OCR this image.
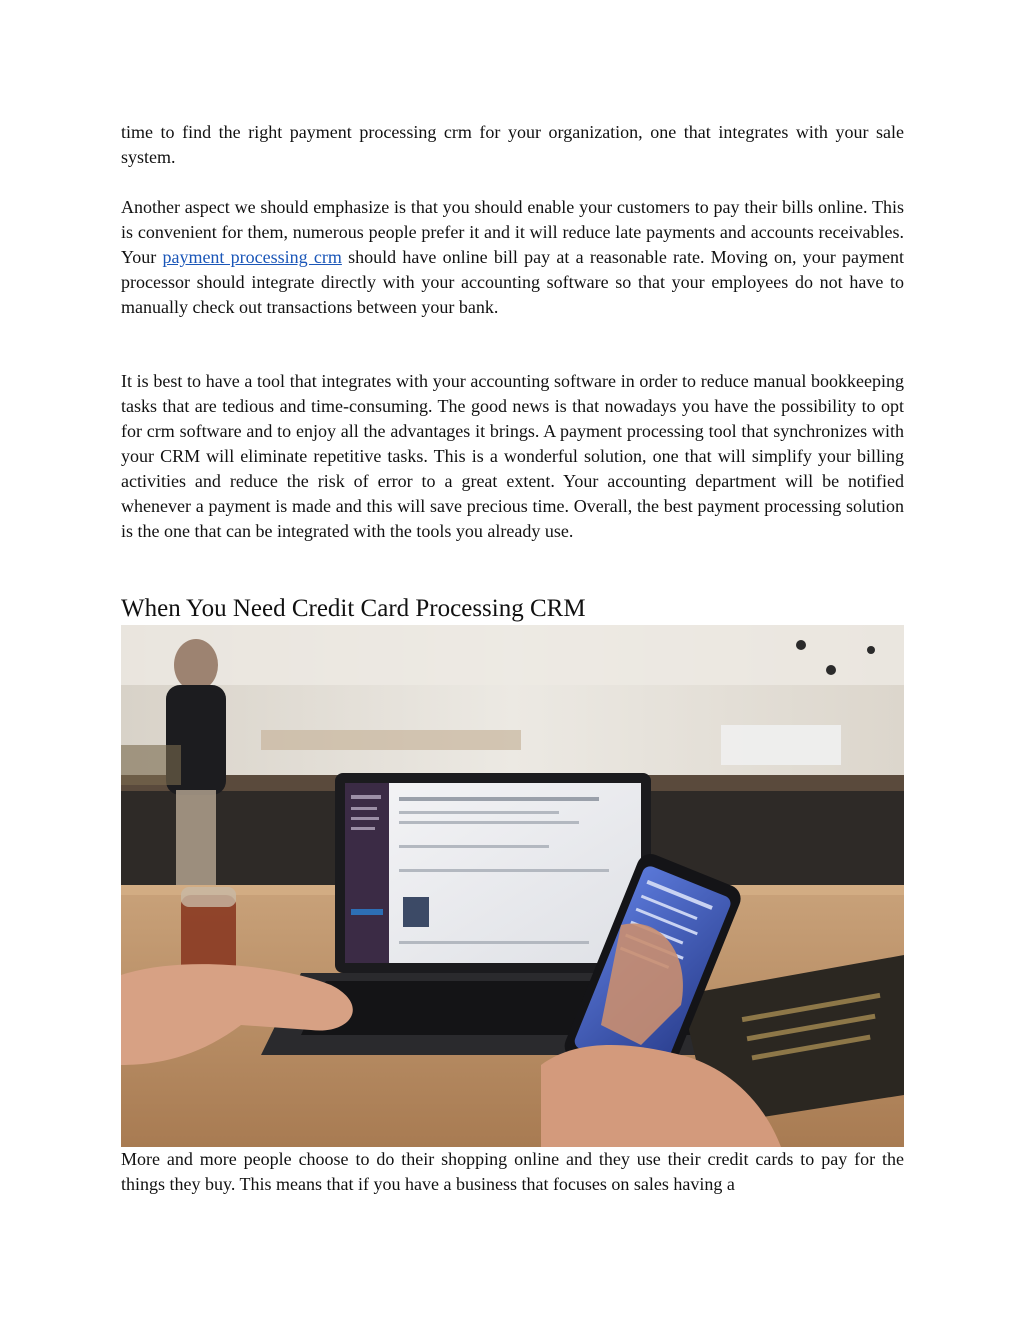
time to find the right payment processing crm for your organization, one that integrates with your sale system.

Another aspect we should emphasize is that you should enable your customers to pay their bills online. This is convenient for them, numerous people prefer it and it will reduce late payments and accounts receivables. Your payment processing crm should have online bill pay at a reasonable rate. Moving on, your payment processor should integrate directly with your accounting software so that your employees do not have to manually check out transactions between your bank.

It is best to have a tool that integrates with your accounting software in order to reduce manual bookkeeping tasks that are tedious and time-consuming. The good news is that nowadays you have the possibility to opt for crm software and to enjoy all the advantages it brings. A payment processing tool that synchronizes with your CRM will eliminate repetitive tasks. This is a wonderful solution, one that will simplify your billing activities and reduce the risk of error to a great extent. Your accounting department will be notified whenever a payment is made and this will save precious time. Overall, the best payment processing solution is the one that can be integrated with the tools you already use.

When You Need Credit Card Processing CRM

More and more people choose to do their shopping online and they use their credit cards to pay for the things they buy. This means that if you have a business that focuses on sales having a
